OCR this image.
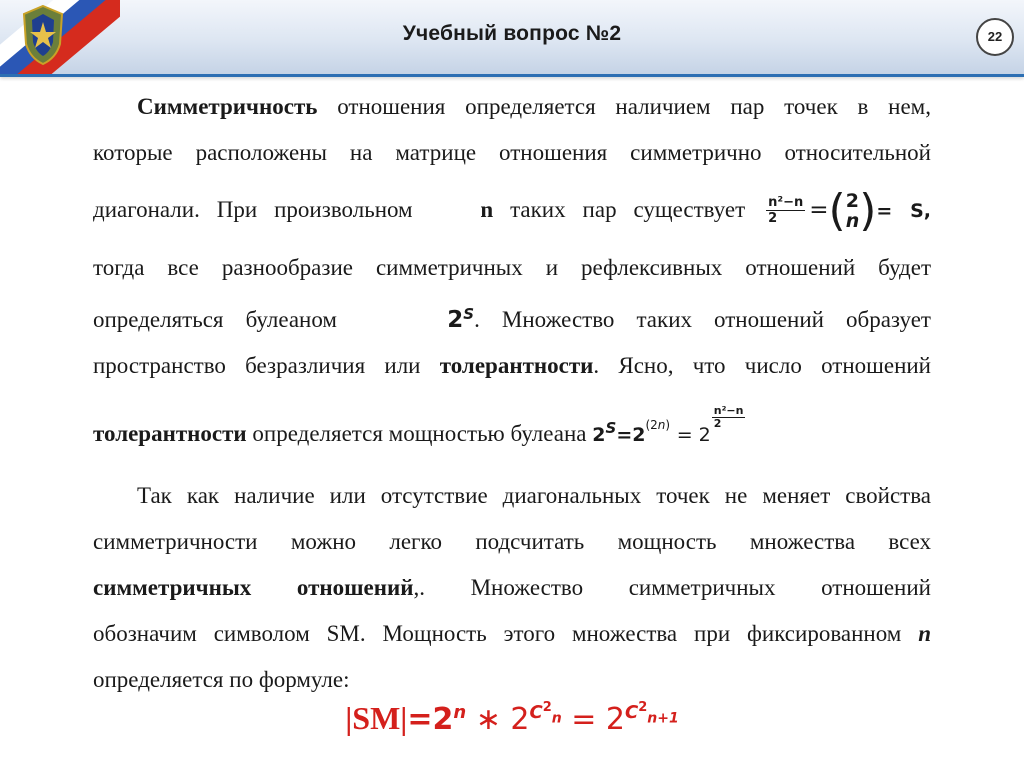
Учебный вопрос №2	22
Симметричность отношения определяется наличием пар точек в нем,
которые расположены на матрице отношения симметрично относительной
диагонали. При произвольном	n таких пар существует $\frac{\text{n²−n}}{2}$ =( 2
n )= S,
тогда все разнообразие симметричных и рефлексивных отношений будет
определяться булеаном	$2^S$. Множество таких отношений образует
пространство безразличия или толерантности. Ясно, что число отношений
толерантности определяется мощностью булеана $2^S=2^{(2n)} = 2$
$\frac{\text{n²−n}}{2}$
Так как наличие или отсутствие диагональных точек не меняет свойства
симметричности можно легко подсчитать мощность множества всех
симметричных отношений,. Множество симметричных отношений
обозначим символом SM. Мощность этого множества при фиксированном n
определяется по формуле:
$|SM|=2^n$ ∗ $2^{C^2_n} = 2^{C^2_{n+1}}$
